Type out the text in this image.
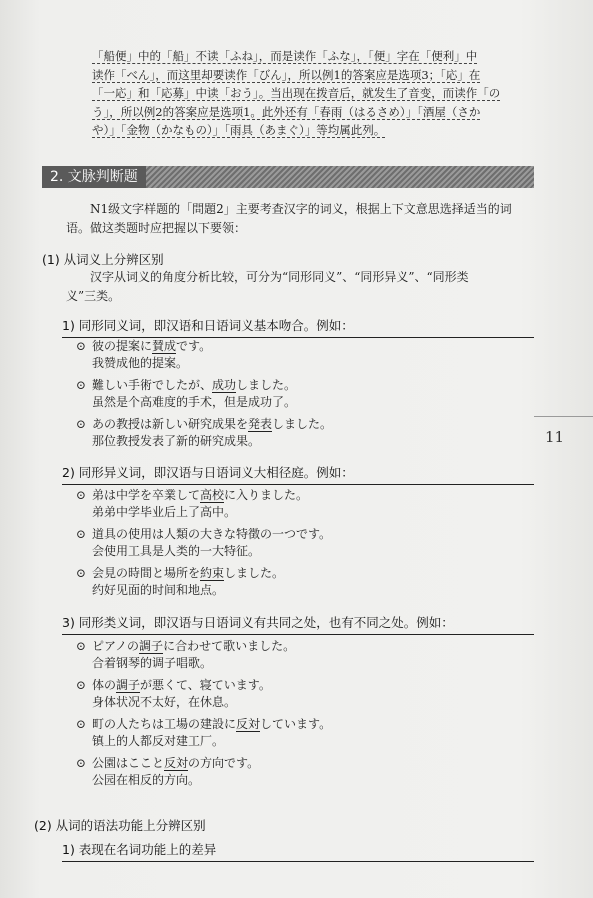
11
「船便」中的「船」不读「ふね」，而是读作「ふな」，「便」字在「便利」中
读作「べん」，而这里却要读作「びん」，所以例1的答案应是选项3；「応」在
「一応」和「応募」中读「おう」。当出现在拨音后，就发生了音变，而读作「の
う」，所以例2的答案应是选项1。此外还有「春雨（はるさめ）」「酒屋（さか
や）」「金物（かなもの）」「雨具（あまぐ）」等均属此列。
2. 文脉判断题
N1级文字样题的「問題2」主要考查汉字的词义，根据上下文意思选择适当的词
语。做这类题时应把握以下要领：
(1) 从词义上分辨区别
汉字从词义的角度分析比较，可分为“同形同义”、“同形异义”、“同形类
义”三类。
1) 同形同义词，即汉语和日语词义基本吻合。例如：
⊙ 彼の提案に賛成です。
我赞成他的提案。
⊙ 難しい手術でしたが、成功しました。
虽然是个高难度的手术，但是成功了。
⊙ あの教授は新しい研究成果を発表しました。
那位教授发表了新的研究成果。
2) 同形异义词，即汉语与日语词义大相径庭。例如：
⊙ 弟は中学を卒業して高校に入りました。
弟弟中学毕业后上了高中。
⊙ 道具の使用は人類の大きな特徴の一つです。
会使用工具是人类的一大特征。
⊙ 会見の時間と場所を約束しました。
约好见面的时间和地点。
3) 同形类义词，即汉语与日语词义有共同之处，也有不同之处。例如：
⊙ ピアノの調子に合わせて歌いました。
合着钢琴的调子唱歌。
⊙ 体の調子が悪くて、寝ています。
身体状况不太好，在休息。
⊙ 町の人たちは工場の建設に反対しています。
镇上的人都反对建工厂。
⊙ 公園はここと反対の方向です。
公园在相反的方向。
(2) 从词的语法功能上分辨区别
1) 表现在名词功能上的差异
